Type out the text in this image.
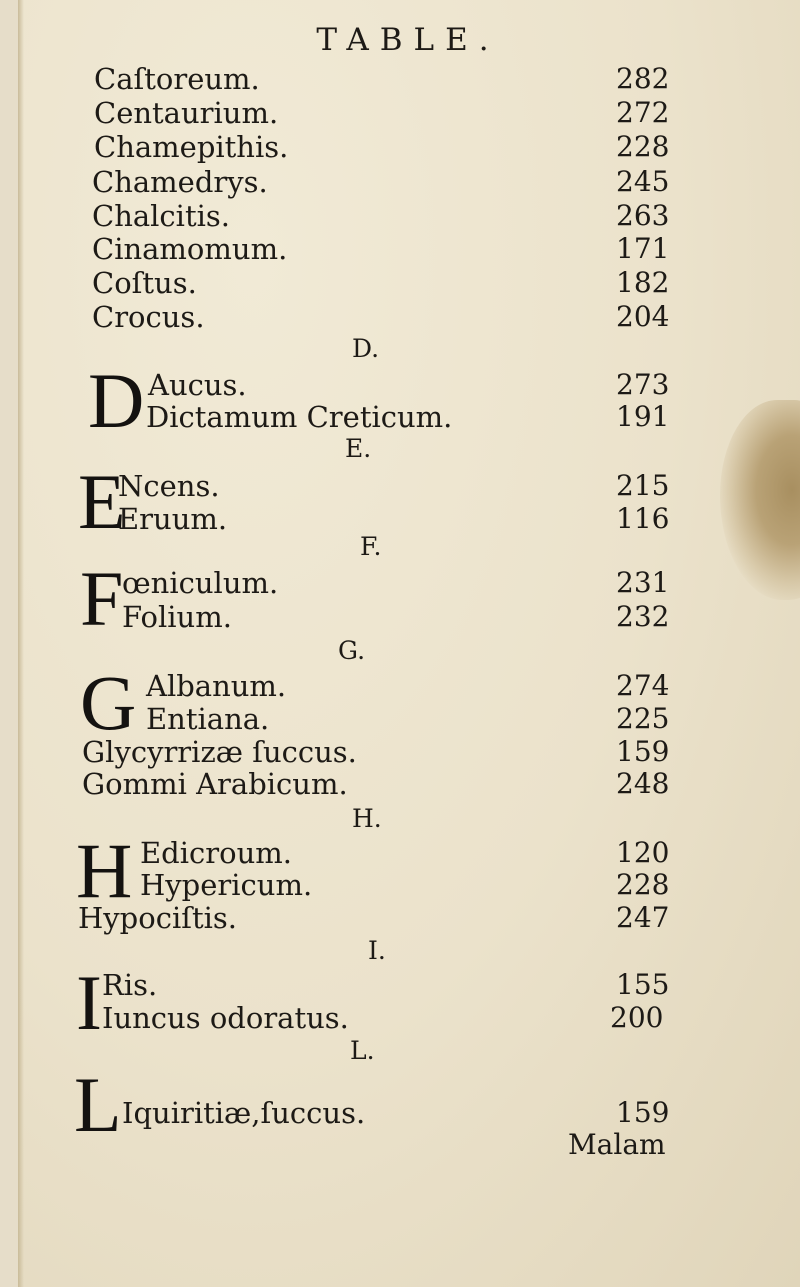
TABLE.
Caſtoreum.	282
Centaurium.	272
Chamepithis.	228
Chamedrys.	245
Chalcitis.	263
Cinamomum.	171
Coſtus.	182
Crocus.	204
D.
D Aucus.	273
Dictamum Creticum.	191
E.
E
Ncens.	215
Eruum.	116
F.
F
œniculum.	231
Folium.	232
G.
G Albanum.	274
Entiana.	225
Glycyrrizæ ſuccus.	159
Gommi Arabicum.	248
H.
H Edicroum.	120
Hypericum.	228
Hypociſtis.	247
I.
I Ris.	155
Iuncus odoratus.	200
L.
L Iquiritiæ,ſuccus.	159
Malam
